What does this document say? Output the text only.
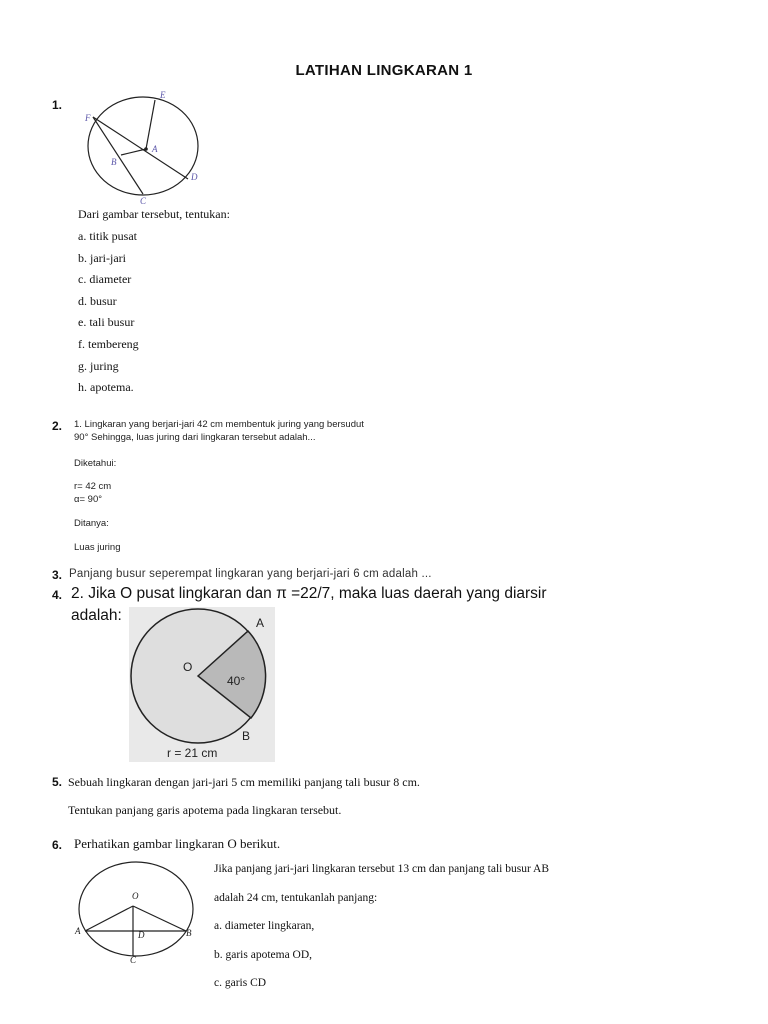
LATIHAN LINGKARAN 1
1.
E
F
A
B
D
C
Dari gambar tersebut, tentukan:
a. titik pusat
b. jari-jari
c. diameter
d. busur
e. tali busur
f. tembereng
g. juring
h. apotema.
2. 1. Lingkaran yang berjari-jari 42 cm membentuk juring yang bersudut
90° Sehingga, luas juring dari lingkaran tersebut adalah...
Diketahui:
r= 42 cm
α= 90°
Ditanya:
Luas juring
3. Panjang busur seperempat lingkaran yang berjari-jari 6 cm adalah ...
4. 2. Jika O pusat lingkaran dan π =22/7, maka luas daerah yang diarsir
adalah:
O
A
B
40°
r = 21 cm
5. Sebuah lingkaran dengan jari-jari 5 cm memiliki panjang tali busur 8 cm.
Tentukan panjang garis apotema pada lingkaran tersebut.
6. Perhatikan gambar lingkaran O berikut.
O
A	D	B
C
Jika panjang jari-jari lingkaran tersebut 13 cm dan panjang tali busur AB
adalah 24 cm, tentukanlah panjang:
a. diameter lingkaran,
b. garis apotema OD,
c. garis CD
